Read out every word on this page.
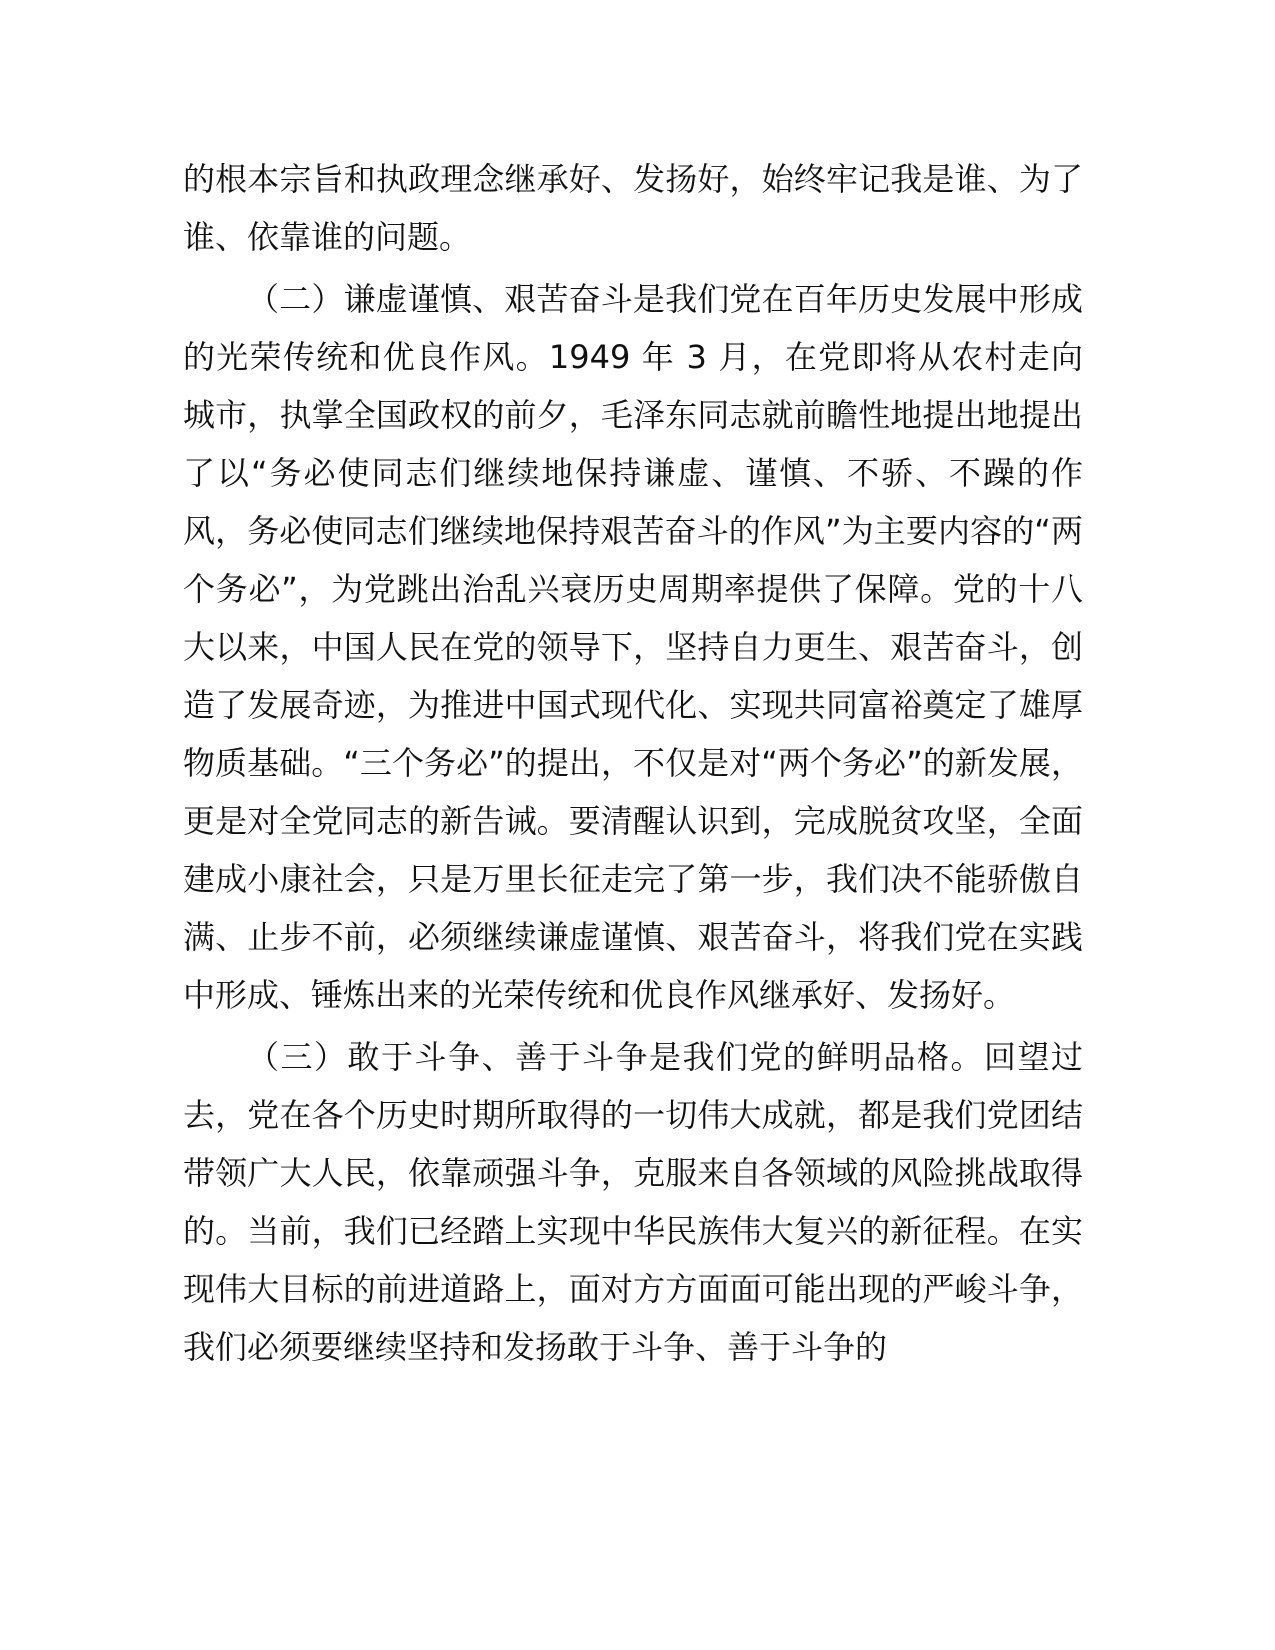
的根本宗旨和执政理念继承好、发扬好，始终牢记我是谁、为了谁、依靠谁的问题。

（二）谦虚谨慎、艰苦奋斗是我们党在百年历史发展中形成的光荣传统和优良作风。1949 年 3 月，在党即将从农村走向城市，执掌全国政权的前夕，毛泽东同志就前瞻性地提出地提出了以“务必使同志们继续地保持谦虚、谨慎、不骄、不躁的作风，务必使同志们继续地保持艰苦奋斗的作风”为主要内容的“两个务必”，为党跳出治乱兴衰历史周期率提供了保障。党的十八大以来，中国人民在党的领导下，坚持自力更生、艰苦奋斗，创造了发展奇迹，为推进中国式现代化、实现共同富裕奠定了雄厚物质基础。“三个务必”的提出，不仅是对“两个务必”的新发展，更是对全党同志的新告诫。要清醒认识到，完成脱贫攻坚，全面建成小康社会，只是万里长征走完了第一步，我们决不能骄傲自满、止步不前，必须继续谦虚谨慎、艰苦奋斗，将我们党在实践中形成、锤炼出来的光荣传统和优良作风继承好、发扬好。

（三）敢于斗争、善于斗争是我们党的鲜明品格。回望过去，党在各个历史时期所取得的一切伟大成就，都是我们党团结带领广大人民，依靠顽强斗争，克服来自各领域的风险挑战取得的。当前，我们已经踏上实现中华民族伟大复兴的新征程。在实现伟大目标的前进道路上，面对方方面面可能出现的严峻斗争，我们必须要继续坚持和发扬敢于斗争、善于斗争的
